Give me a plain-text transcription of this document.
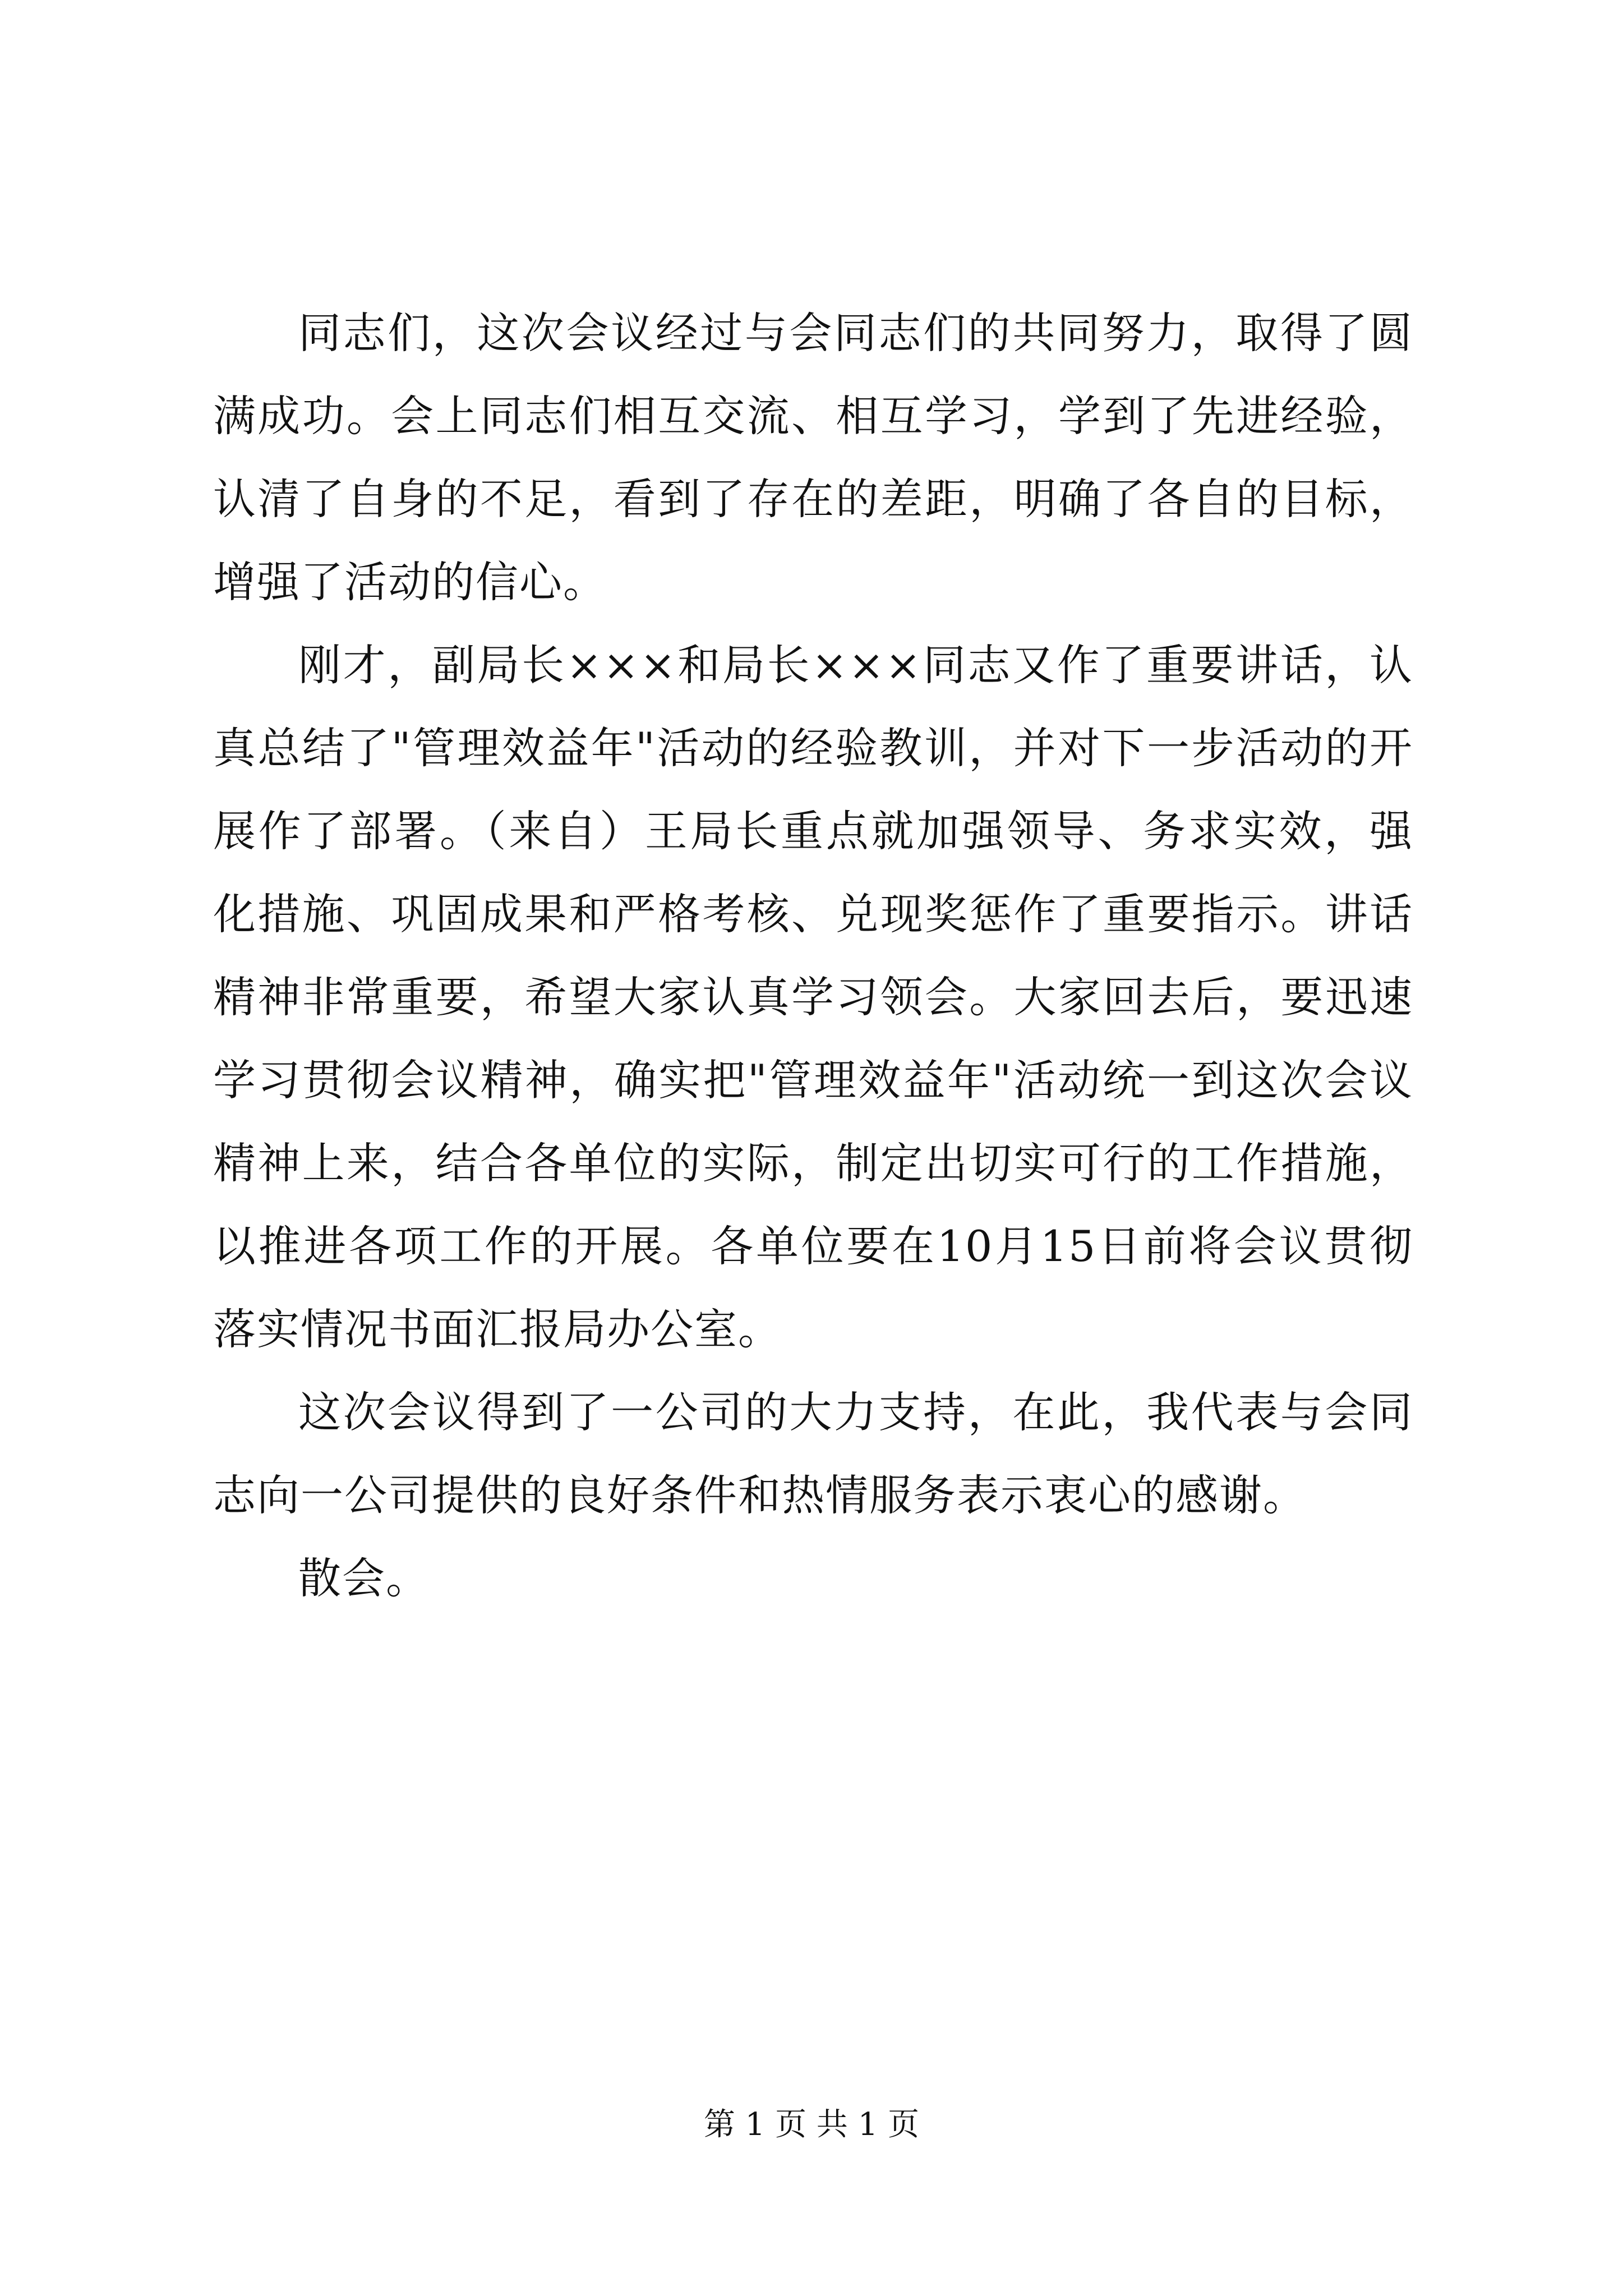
同志们，这次会议经过与会同志们的共同努力，取得了圆满成功。会上同志们相互交流、相互学习，学到了先进经验，认清了自身的不足，看到了存在的差距，明确了各自的目标，增强了活动的信心。

刚才，副局长×××和局长×××同志又作了重要讲话，认真总结了"管理效益年"活动的经验教训，并对下一步活动的开展作了部署。（来自）王局长重点就加强领导、务求实效，强化措施、巩固成果和严格考核、兑现奖惩作了重要指示。讲话精神非常重要，希望大家认真学习领会。大家回去后，要迅速学习贯彻会议精神，确实把"管理效益年"活动统一到这次会议精神上来，结合各单位的实际，制定出切实可行的工作措施，以推进各项工作的开展。各单位要在10月15日前将会议贯彻落实情况书面汇报局办公室。

这次会议得到了一公司的大力支持，在此，我代表与会同志向一公司提供的良好条件和热情服务表示衷心的感谢。

散会。

第 1 页 共 1 页
